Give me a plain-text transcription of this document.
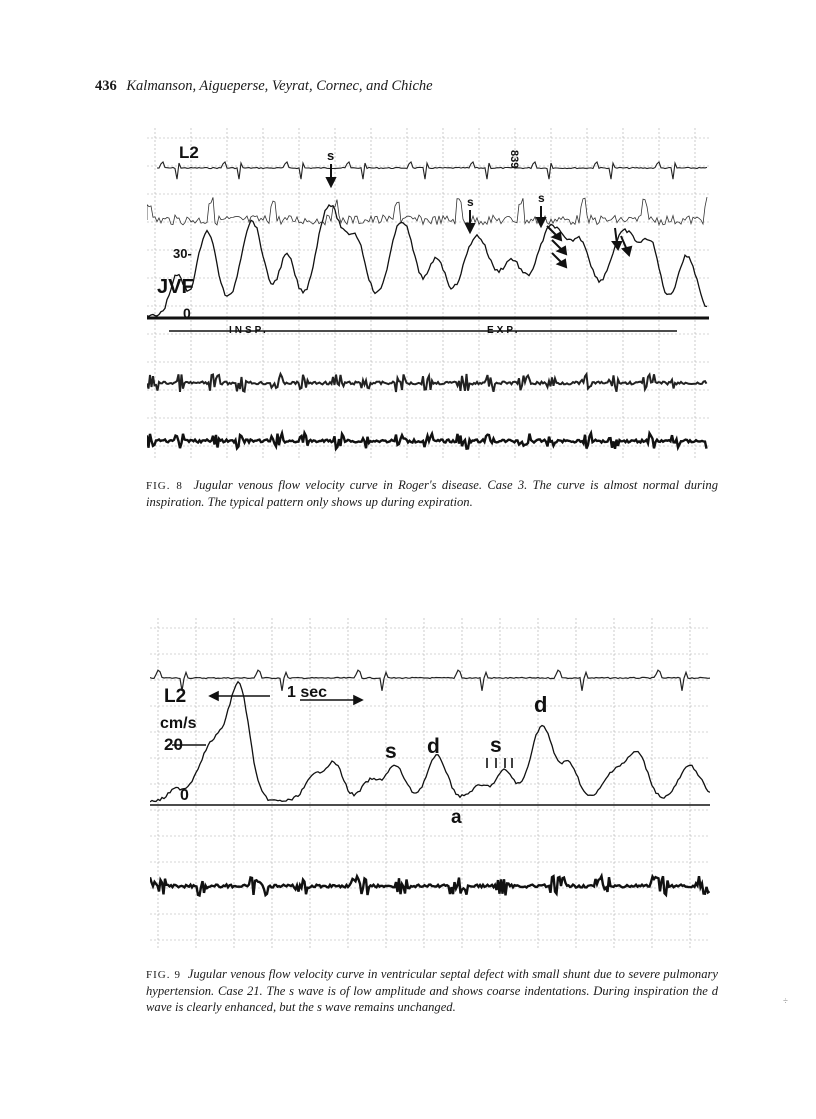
436 Kalmanson, Aigueperse, Veyrat, Cornec, and Chiche
L2	839
30-
JVF
0
INSP.	EXP.
s
s	s
FIG. 8 Jugular venous flow velocity curve in Roger's disease. Case 3. The curve is almost normal during inspiration. The typical pattern only shows up during expiration.
L2	1 sec
cm/s
20
0
s d s
d
a
FIG. 9 Jugular venous flow velocity curve in ventricular septal defect with small shunt due to severe pulmonary hypertension. Case 21. The s wave is of low amplitude and shows coarse indentations. During inspiration the d wave is clearly enhanced, but the s wave remains unchanged.	÷
